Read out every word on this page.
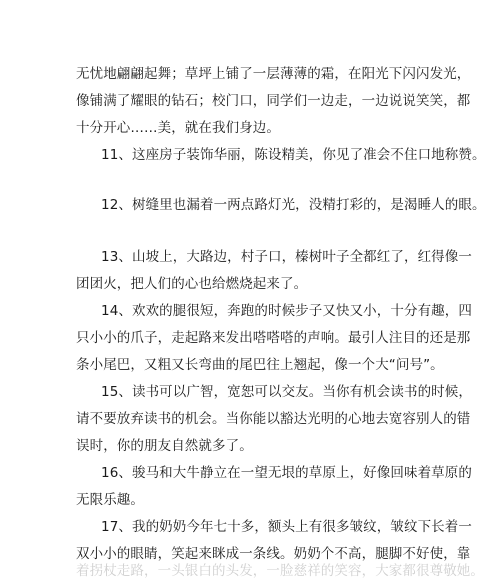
无忧地翩翩起舞；草坪上铺了一层薄薄的霜，在阳光下闪闪发光，
像铺满了耀眼的钻石；校门口，同学们一边走，一边说说笑笑，都
十分开心……美，就在我们身边。
11、这座房子装饰华丽，陈设精美，你见了准会不住口地称赞。
12、树缝里也漏着一两点路灯光，没精打彩的，是渴睡人的眼。
13、山坡上，大路边，村子口，榛树叶子全都红了，红得像一
团团火，把人们的心也给燃烧起来了。
14、欢欢的腿很短，奔跑的时候步子又快又小，十分有趣，四
只小小的爪子，走起路来发出嗒嗒嗒的声响。最引人注目的还是那
条小尾巴，又粗又长弯曲的尾巴往上翘起，像一个大“问号”。
15、读书可以广智，宽恕可以交友。当你有机会读书的时候，
请不要放弃读书的机会。当你能以豁达光明的心地去宽容别人的错
误时，你的朋友自然就多了。
16、骏马和大牛静立在一望无垠的草原上，好像回味着草原的
无限乐趣。
17、我的奶奶今年七十多，额头上有很多皱纹，皱纹下长着一
双小小的眼睛，笑起来眯成一条线。奶奶个不高，腿脚不好使，靠
着拐杖走路，一头银白的头发，一脸慈祥的笑容，大家都很尊敬她。
